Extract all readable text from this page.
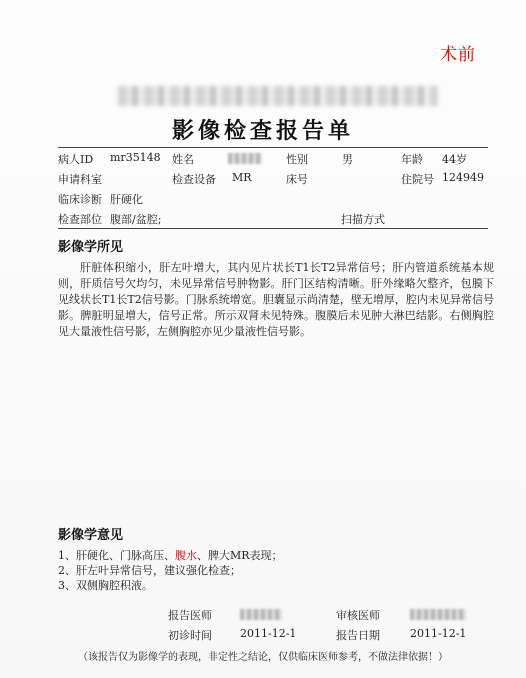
术前
影像检查报告单
病人ID mr35148 姓名	性别	男	年龄 44岁
申请科室	检查设备 MR	床号	住院号 124949
临床诊断 肝硬化
检查部位 腹部/盆腔;	扫描方式
影像学所见
肝脏体积缩小，肝左叶增大，其内见片状长T1长T2异常信号；肝内管道系统基本规则，肝质信号欠均匀，未见异常信号肿物影。肝门区结构清晰。肝外缘略欠整齐，包膜下见线状长T1长T2信号影。门脉系统增宽。胆囊显示尚清楚，壁无增厚，腔内未见异常信号影。脾脏明显增大，信号正常。所示双肾未见特殊。腹膜后未见肿大淋巴结影。右侧胸腔见大量液性信号影，左侧胸腔亦见少量液性信号影。
影像学意见
1、肝硬化、门脉高压、腹水、脾大MR表现；
2、肝左叶异常信号，建议强化检查；
3、双侧胸腔积液。
报告医师	审核医师
初诊时间	2011-12-1	报告日期	2011-12-1
（该报告仅为影像学的表现，非定性之结论，仅供临床医师参考，不做法律依据！）
